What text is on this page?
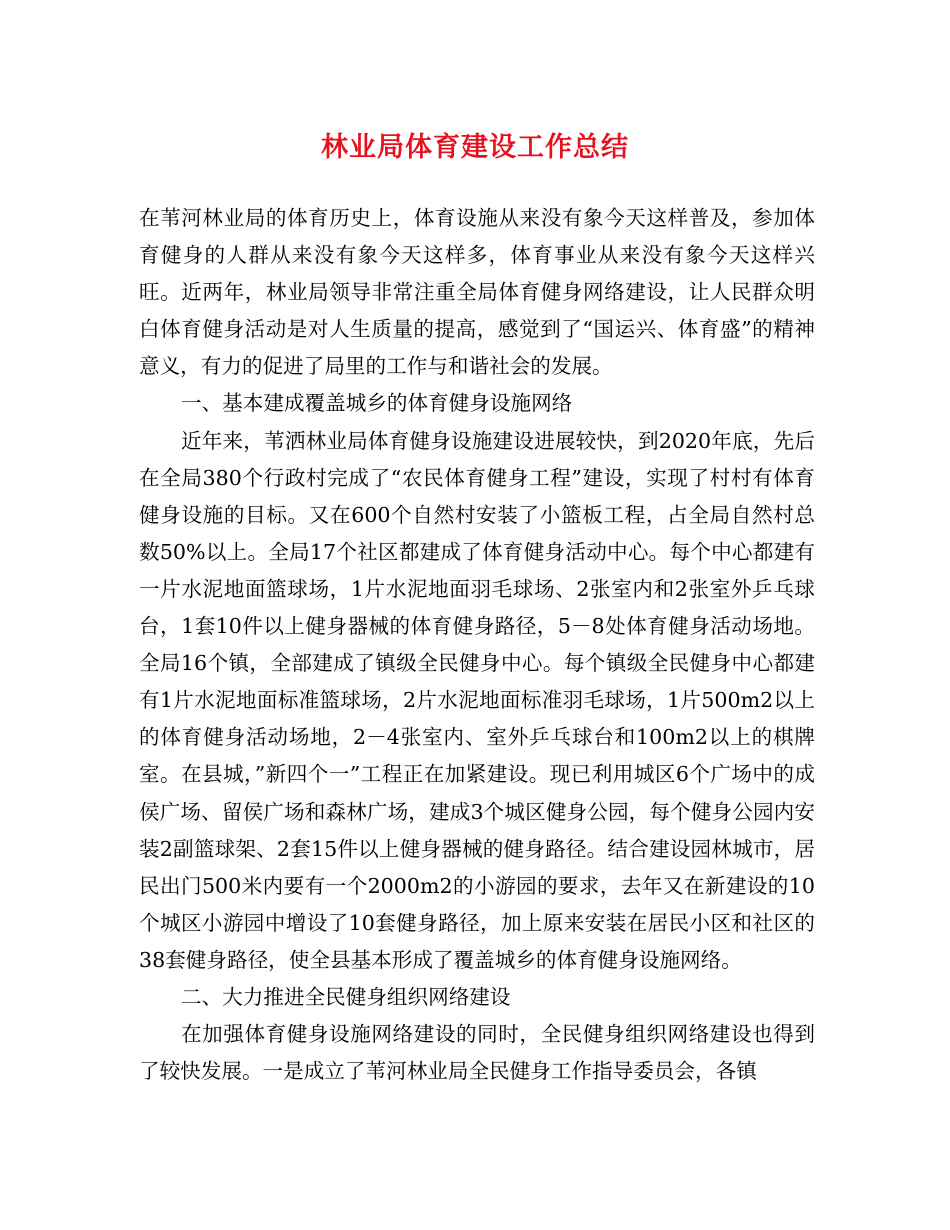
林业局体育建设工作总结

在苇河林业局的体育历史上，体育设施从来没有象今天这样普及，参加体育健身的人群从来没有象今天这样多，体育事业从来没有象今天这样兴旺。近两年，林业局领导非常注重全局体育健身网络建设，让人民群众明白体育健身活动是对人生质量的提高，感觉到了“国运兴、体育盛”的精神意义，有力的促进了局里的工作与和谐社会的发展。

一、基本建成覆盖城乡的体育健身设施网络

近年来，苇洒林业局体育健身设施建设进展较快，到2020年底，先后在全局380个行政村完成了“农民体育健身工程”建设，实现了村村有体育健身设施的目标。又在600个自然村安装了小篮板工程，占全局自然村总数50%以上。全局17个社区都建成了体育健身活动中心。每个中心都建有一片水泥地面篮球场，1片水泥地面羽毛球场、2张室内和2张室外乒乓球台，1套10件以上健身器械的体育健身路径，5－8处体育健身活动场地。全局16个镇，全部建成了镇级全民健身中心。每个镇级全民健身中心都建有1片水泥地面标准篮球场，2片水泥地面标准羽毛球场，1片500m2以上的体育健身活动场地，2－4张室内、室外乒乓球台和100m2以上的棋牌室。在县城，”新四个一”工程正在加紧建设。现已利用城区6个广场中的成侯广场、留侯广场和森林广场，建成3个城区健身公园，每个健身公园内安装2副篮球架、2套15件以上健身器械的健身路径。结合建设园林城市，居民出门500米内要有一个2000m2的小游园的要求，去年又在新建设的10个城区小游园中增设了10套健身路径，加上原来安装在居民小区和社区的38套健身路径，使全县基本形成了覆盖城乡的体育健身设施网络。

二、大力推进全民健身组织网络建设

在加强体育健身设施网络建设的同时，全民健身组织网络建设也得到了较快发展。一是成立了苇河林业局全民健身工作指导委员会，各镇
